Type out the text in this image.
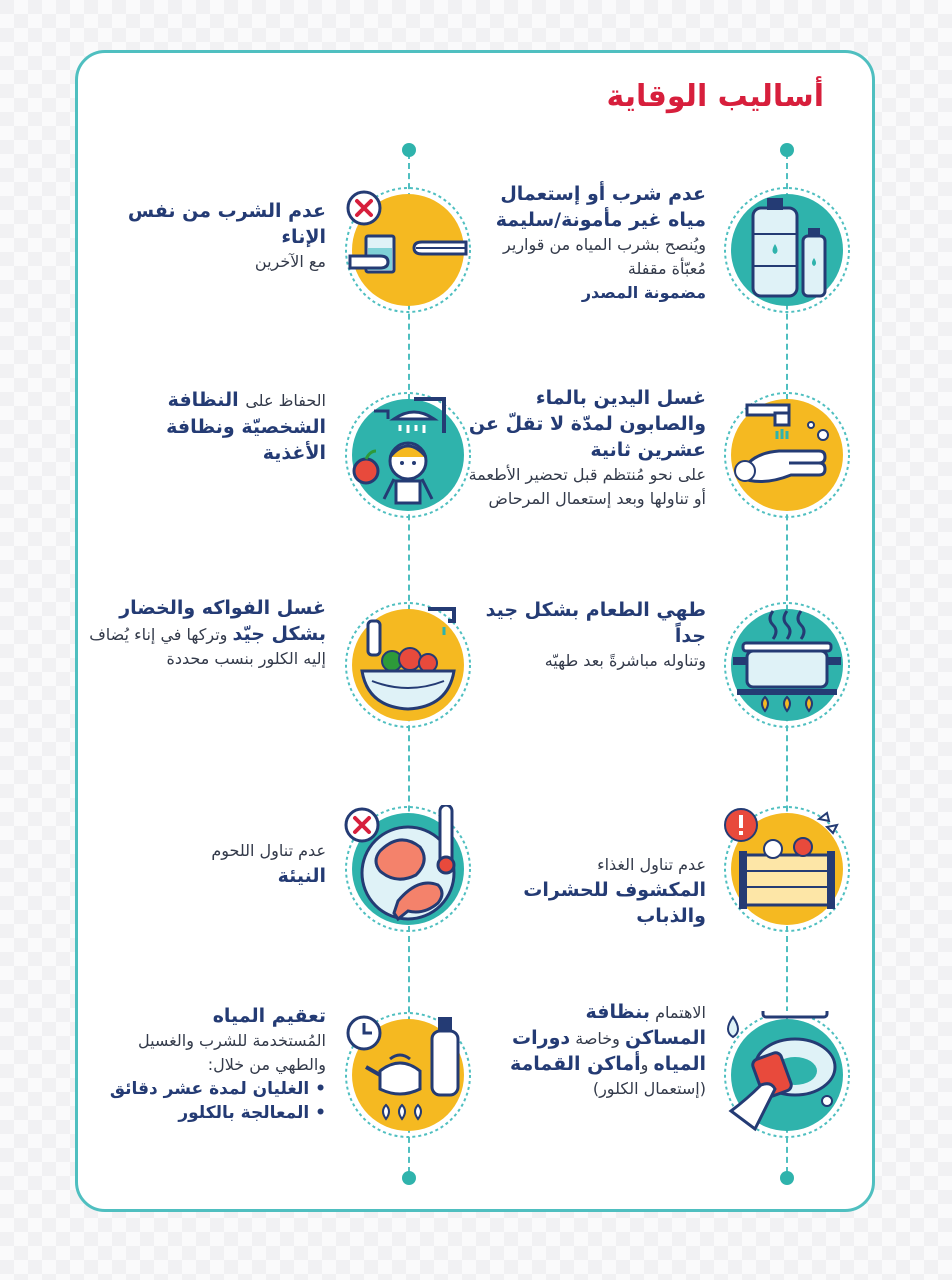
أساليب الوقاية
عدم شرب أو إستعمال مياه غير مأمونة/سليمة
ويُنصح بشرب المياه من قوارير مُعبّأة مقفلة
مضمونة المصدر
عدم الشرب من نفس الإناء
مع الآخرين
غسل اليدين بالماء والصابون لمدّة لا تقلّ عن عشرين ثانية
على نحو مُنتظم قبل تحضير الأطعمة أو تناولها وبعد إستعمال المرحاض
الحفاظ على النظافة الشخصيّة ونظافة الأغذية
طهي الطعام بشكل جيد جداً
وتناوله مباشرةً بعد طهيّه
غسل الفواكه والخضار بشكل جيّد وتركها في إناء يُضاف إليه الكلور بنسب محددة
عدم تناول الغذاء
المكشوف للحشرات والذباب
عدم تناول اللحوم
النيئة
الاهتمام بنظافة المساكن وخاصة دورات المياه وأماكن القمامة
(إستعمال الكلور)
تعقيم المياه
المُستخدمة للشرب والغسيل والطهي من خلال:
• الغليان لمدة عشر دقائق
• المعالجة بالكلور
